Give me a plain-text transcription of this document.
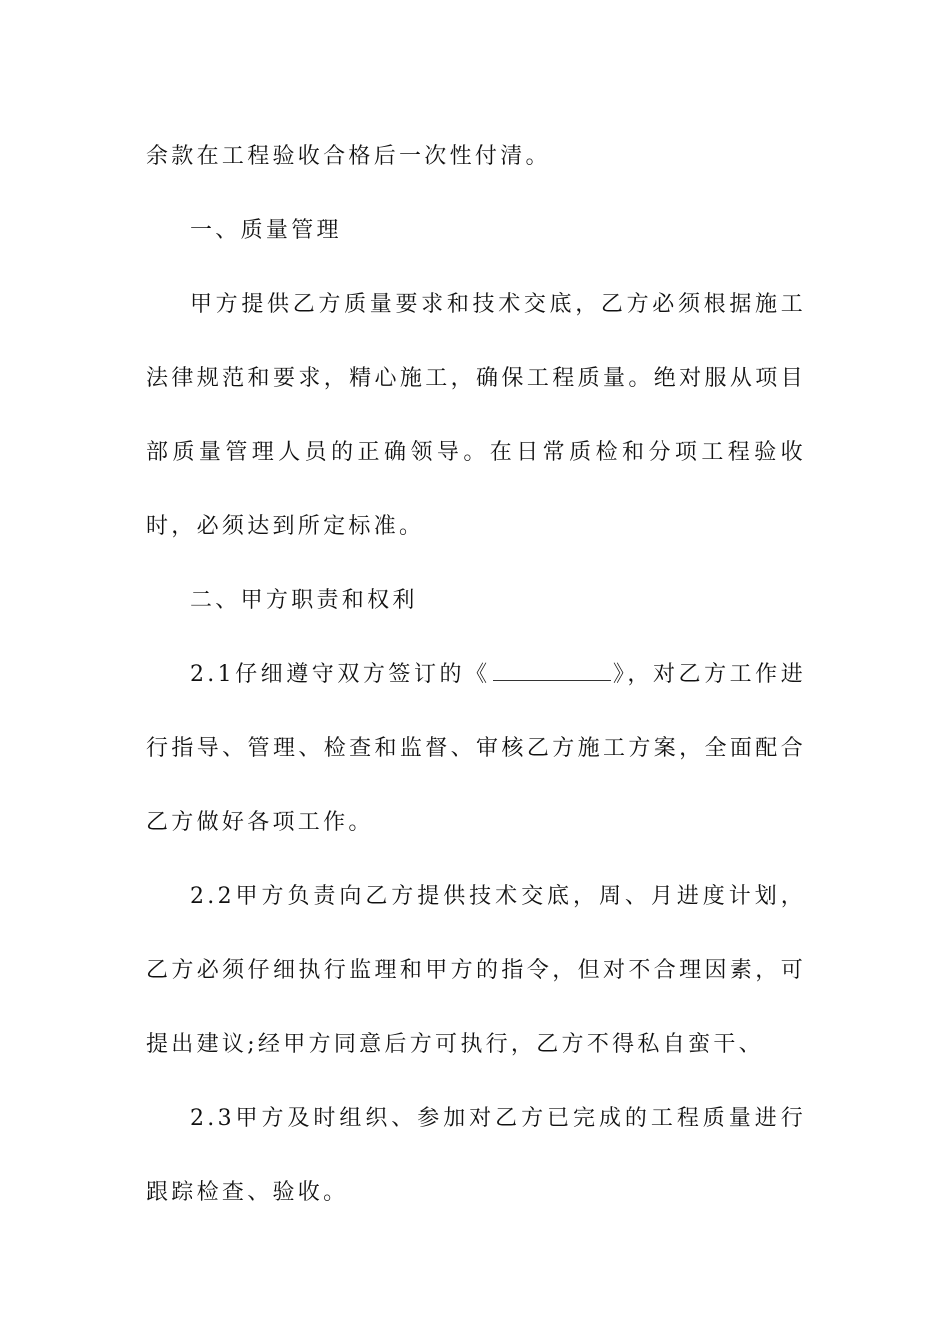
余款在工程验收合格后一次性付清。

一、质量管理

甲方提供乙方质量要求和技术交底，乙方必须根据施工法律规范和要求，精心施工，确保工程质量。绝对服从项目部质量管理人员的正确领导。在日常质检和分项工程验收时，必须达到所定标准。

二、甲方职责和权利

2.1仔细遵守双方签订的《	》，对乙方工作进行指导、管理、检查和监督、审核乙方施工方案，全面配合乙方做好各项工作。

2.2甲方负责向乙方提供技术交底，周、月进度计划，乙方必须仔细执行监理和甲方的指令，但对不合理因素，可提出建议;经甲方同意后方可执行，乙方不得私自蛮干、

2.3甲方及时组织、参加对乙方已完成的工程质量进行跟踪检查、验收。
